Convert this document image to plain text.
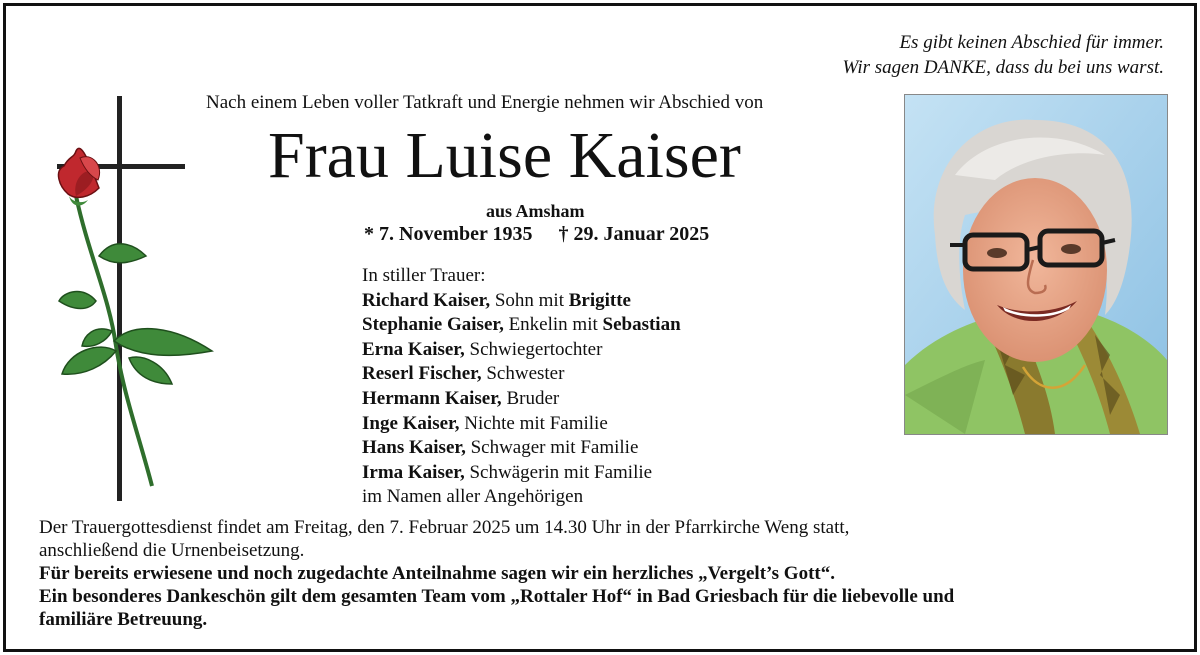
Es gibt keinen Abschied für immer.
Wir sagen DANKE, dass du bei uns warst.
Nach einem Leben voller Tatkraft und Energie nehmen wir Abschied von
Frau Luise Kaiser
aus Amsham
* 7. November 1935 † 29. Januar 2025
In stiller Trauer:
Richard Kaiser, Sohn mit Brigitte
Stephanie Gaiser, Enkelin mit Sebastian
Erna Kaiser, Schwiegertochter
Reserl Fischer, Schwester
Hermann Kaiser, Bruder
Inge Kaiser, Nichte mit Familie
Hans Kaiser, Schwager mit Familie
Irma Kaiser, Schwägerin mit Familie
im Namen aller Angehörigen
Der Trauergottesdienst findet am Freitag, den 7. Februar 2025 um 14.30 Uhr in der Pfarrkirche Weng statt,
anschließend die Urnenbeisetzung.
Für bereits erwiesene und noch zugedachte Anteilnahme sagen wir ein herzliches „Vergelt’s Gott“.
Ein besonderes Dankeschön gilt dem gesamten Team vom „Rottaler Hof“ in Bad Griesbach für die liebevolle und
familiäre Betreuung.
